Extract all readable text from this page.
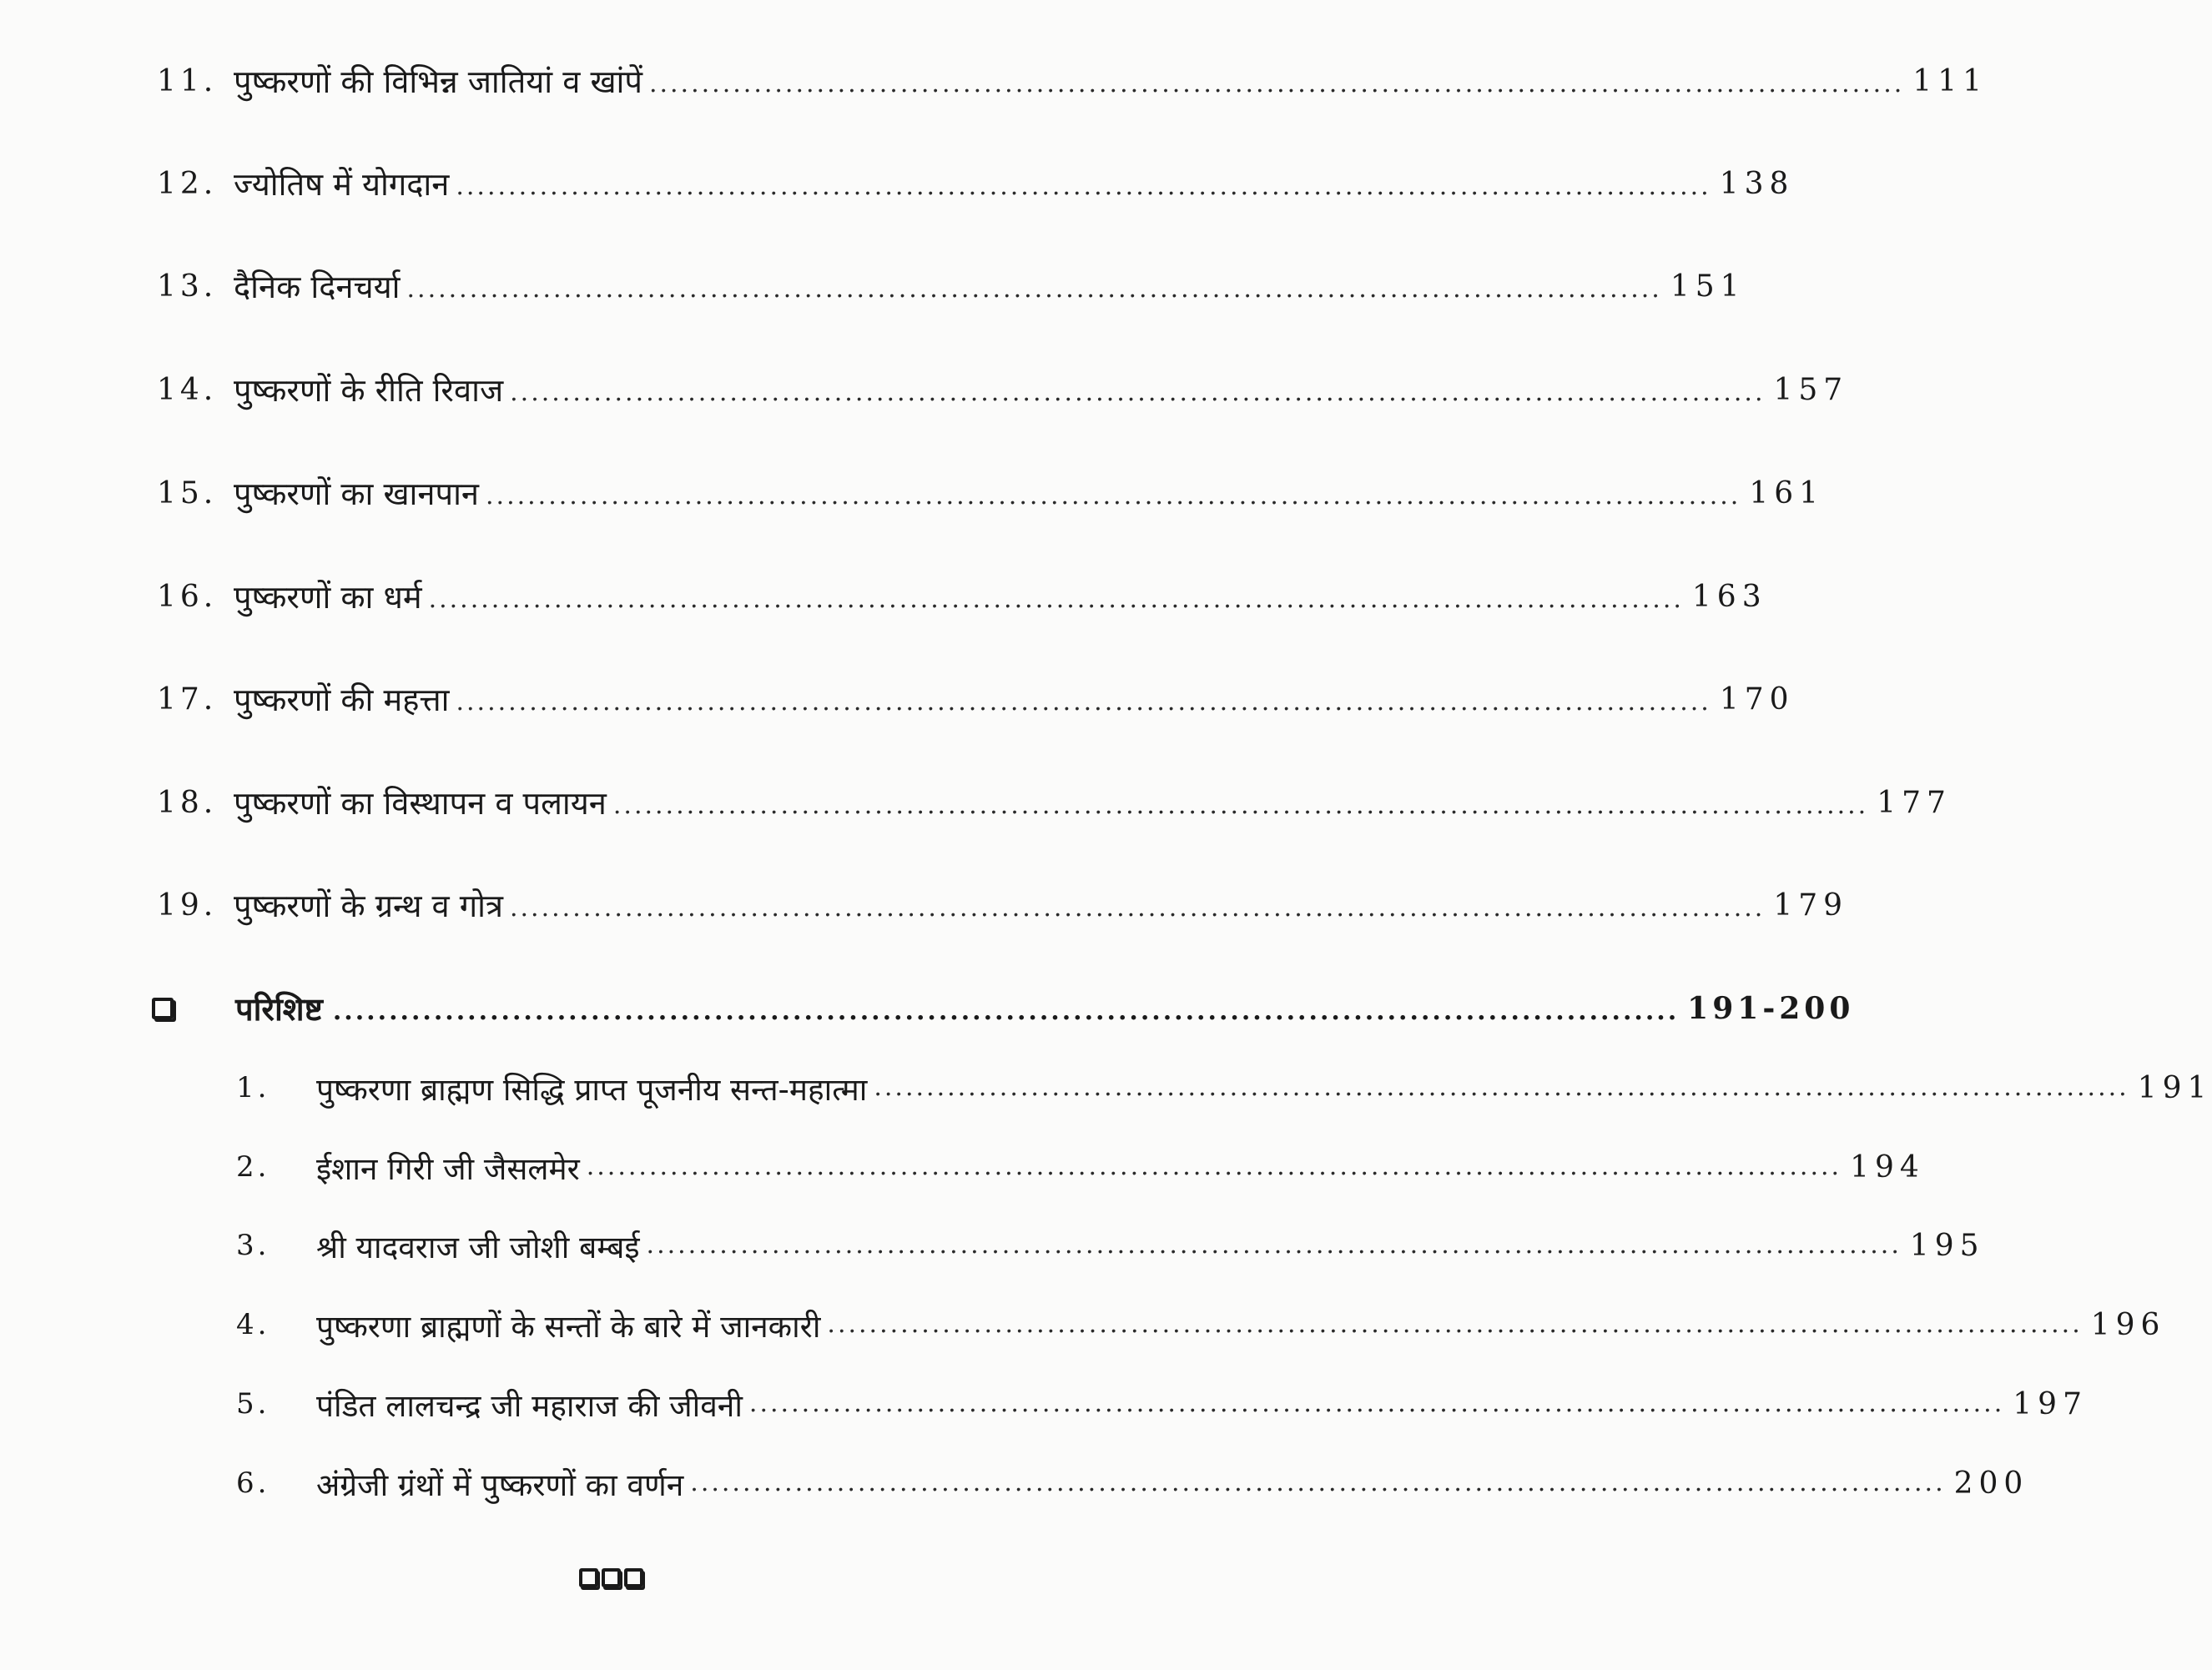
11. पुष्करणों की विभिन्न जातियां व खांपें ........................................................................................................................ 111
12. ज्योतिष में योगदान ........................................................................................................................ 138
13. दैनिक दिनचर्या ........................................................................................................................ 151
14. पुष्करणों के रीति रिवाज ........................................................................................................................ 157
15. पुष्करणों का खानपान ........................................................................................................................ 161
16. पुष्करणों का धर्म ........................................................................................................................ 163
17. पुष्करणों की महत्ता ........................................................................................................................ 170
18. पुष्करणों का विस्थापन व पलायन ........................................................................................................................ 177
19. पुष्करणों के ग्रन्थ व गोत्र ........................................................................................................................ 179
परिशिष्ट ........................................................................................................................ 191-200
1.	पुष्करणा ब्राह्मण सिद्धि प्राप्त पूजनीय सन्त-महात्मा ........................................................................................................................ 191
2.	ईशान गिरी जी जैसलमेर ........................................................................................................................ 194
3.	श्री यादवराज जी जोशी बम्बई ........................................................................................................................ 195
4.	पुष्करणा ब्राह्मणों के सन्तों के बारे में जानकारी ........................................................................................................................ 196
5.	पंडित लालचन्द्र जी महाराज की जीवनी ........................................................................................................................ 197
6.	अंग्रेजी ग्रंथों में पुष्करणों का वर्णन ........................................................................................................................ 200
